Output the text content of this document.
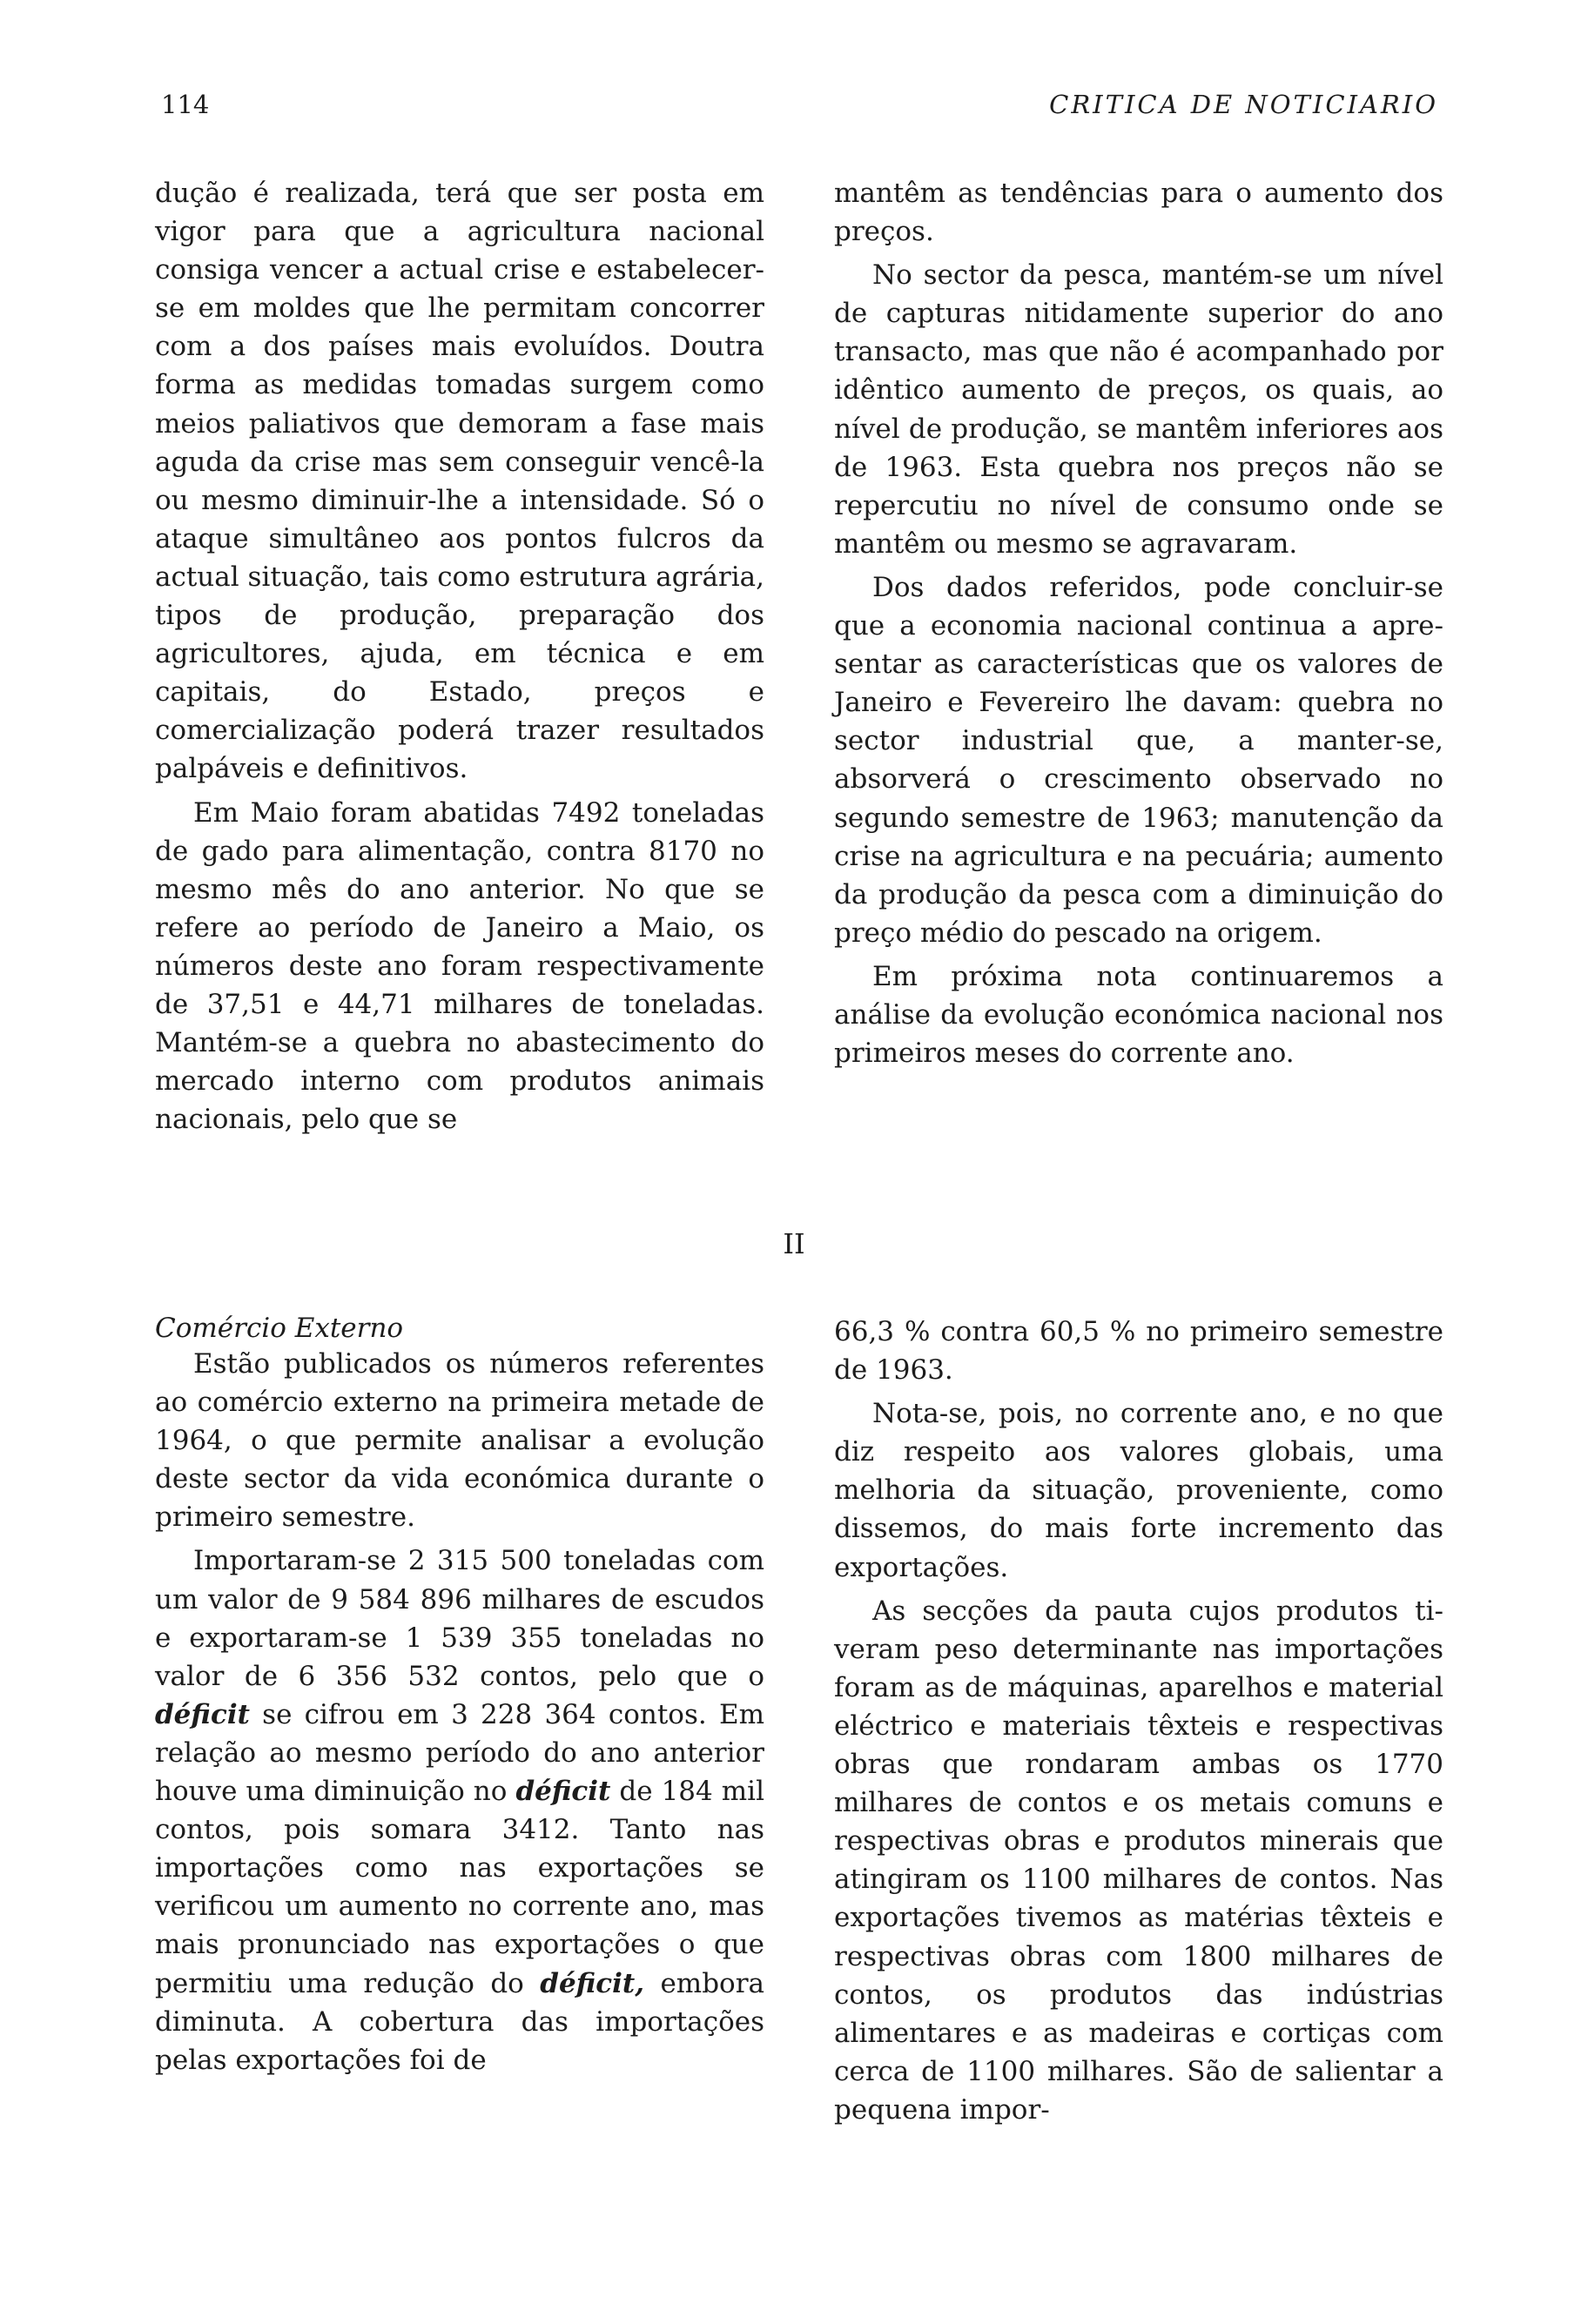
114	CRITICA DE NOTICIARIO

dução é realizada, terá que ser posta em vigor para que a agricultura nacional consiga vencer a actual crise e estabelecer-se em moldes que lhe permitam concorrer com a dos países mais evoluídos. Doutra forma as medidas tomadas surgem como meios paliativos que demoram a fase mais aguda da crise mas sem conseguir vencê-la ou mesmo diminuir-lhe a intensidade. Só o ataque simultâneo aos pontos fulcros da actual situação, tais como estrutura agrária, tipos de produção, preparação dos agricultores, ajuda, em técnica e em capitais, do Estado, preços e comercialização poderá trazer resultados palpáveis e definitivos.

Em Maio foram abatidas 7492 toneladas de gado para alimentação, contra 8170 no mesmo mês do ano anterior. No que se refere ao período de Janeiro a Maio, os números deste ano foram respectivamente de 37,51 e 44,71 milhares de toneladas. Mantém-se a quebra no abastecimento do mercado interno com produtos animais nacionais, pelo que se

mantêm as tendências para o aumento dos preços.

No sector da pesca, mantém-se um nível de capturas nitidamente superior do ano transacto, mas que não é acompanhado por idêntico aumento de preços, os quais, ao nível de produção, se mantêm inferiores aos de 1963. Esta quebra nos preços não se repercutiu no nível de consumo onde se mantêm ou mesmo se agravaram.

Dos dados referidos, pode concluir-se que a economia nacional continua a apresentar as características que os valores de Janeiro e Fevereiro lhe davam: quebra no sector industrial que, a manter-se, absorverá o crescimento observado no segundo semestre de 1963; manutenção da crise na agricultura e na pecuária; aumento da produção da pesca com a diminuição do preço médio do pescado na origem.

Em próxima nota continuaremos a análise da evolução económica nacional nos primeiros meses do corrente ano.

II
Comércio Externo

Estão publicados os números referentes ao comércio externo na primeira metade de 1964, o que permite analisar a evolução deste sector da vida económica durante o primeiro semestre.

Importaram-se 2 315 500 toneladas com um valor de 9 584 896 milhares de escudos e exportaram-se 1 539 355 toneladas no valor de 6 356 532 contos, pelo que o déficit se cifrou em 3 228 364 contos. Em relação ao mesmo período do ano anterior houve uma diminuição no déficit de 184 mil contos, pois somara 3412. Tanto nas importações como nas exportações se verificou um aumento no corrente ano, mas mais pronunciado nas exportações o que permitiu uma redução do déficit, embora diminuta. A cobertura das importações pelas exportações foi de

66,3 % contra 60,5 % no primeiro semestre de 1963.

Nota-se, pois, no corrente ano, e no que diz respeito aos valores globais, uma melhoria da situação, proveniente, como dissemos, do mais forte incremento das exportações.

As secções da pauta cujos produtos tiveram peso determinante nas importações foram as de máquinas, aparelhos e material eléctrico e materiais têxteis e respectivas obras que rondaram ambas os 1770 milhares de contos e os metais comuns e respectivas obras e produtos minerais que atingiram os 1100 milhares de contos. Nas exportações tivemos as matérias têxteis e respectivas obras com 1800 milhares de contos, os produtos das indústrias alimentares e as madeiras e cortiças com cerca de 1100 milhares. São de salientar a pequena impor-
